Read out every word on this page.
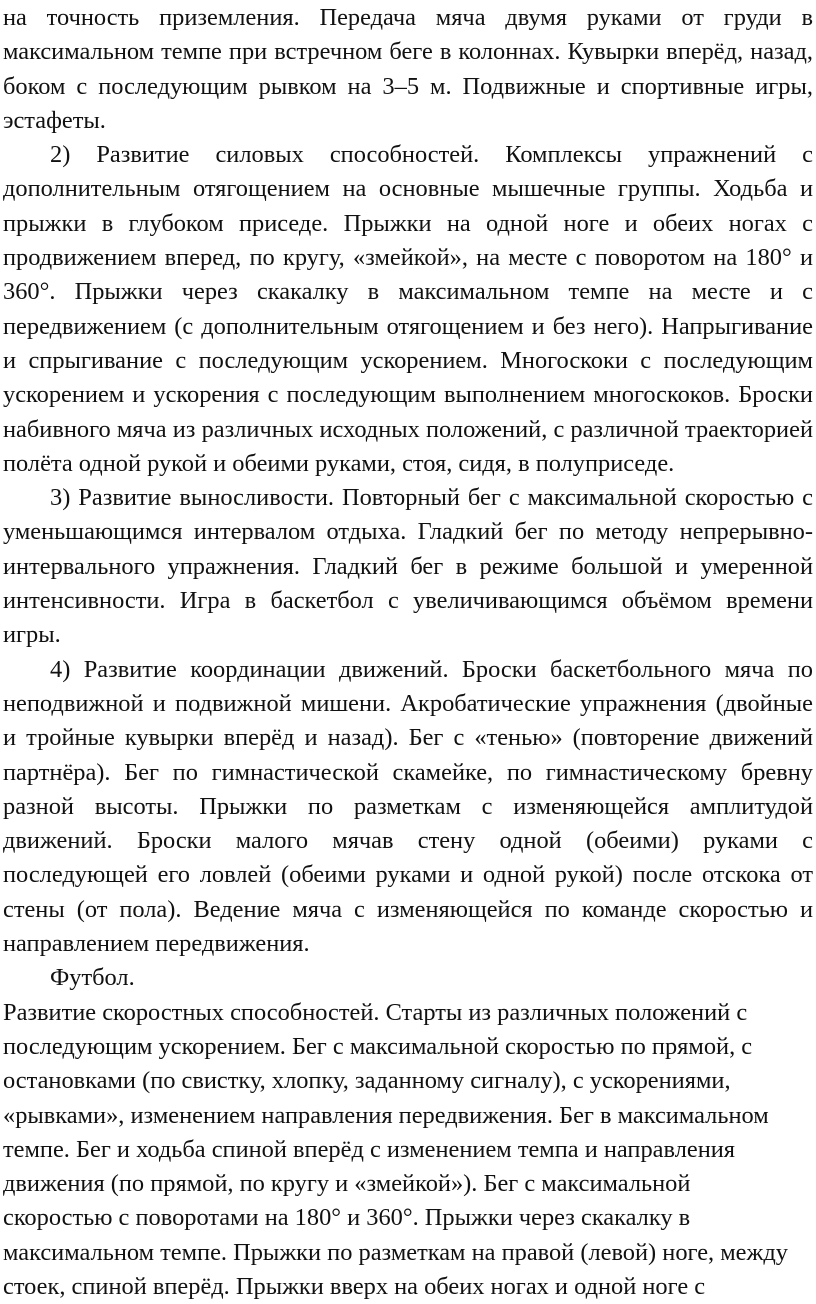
на точность приземления. Передача мяча двумя руками от груди в максимальном темпе при встречном беге в колоннах. Кувырки вперёд, назад, боком с последующим рывком на 3–5 м. Подвижные и спортивные игры, эстафеты.

2) Развитие силовых способностей. Комплексы упражнений с дополнительным отягощением на основные мышечные группы. Ходьба и прыжки в глубоком приседе. Прыжки на одной ноге и обеих ногах с продвижением вперед, по кругу, «змейкой», на месте с поворотом на 180° и 360°. Прыжки через скакалку в максимальном темпе на месте и с передвижением (с дополнительным отягощением и без него). Напрыгивание и спрыгивание с последующим ускорением. Многоскоки с последующим ускорением и ускорения с последующим выполнением многоскоков. Броски набивного мяча из различных исходных положений, с различной траекторией полёта одной рукой и обеими руками, стоя, сидя, в полуприседе.

3) Развитие выносливости. Повторный бег с максимальной скоростью с уменьшающимся интервалом отдыха. Гладкий бег по методу непрерывно-интервального упражнения. Гладкий бег в режиме большой и умеренной интенсивности. Игра в баскетбол с увеличивающимся объёмом времени игры.

4) Развитие координации движений. Броски баскетбольного мяча по неподвижной и подвижной мишени. Акробатические упражнения (двойные и тройные кувырки вперёд и назад). Бег с «тенью» (повторение движений партнёра). Бег по гимнастической скамейке, по гимнастическому бревну разной высоты. Прыжки по разметкам с изменяющейся амплитудой движений. Броски малого мячав стену одной (обеими) руками с последующей его ловлей (обеими руками и одной рукой) после отскока от стены (от пола). Ведение мяча с изменяющейся по команде скоростью и направлением передвижения.

Футбол.

Развитие скоростных способностей. Старты из различных положений с последующим ускорением. Бег с максимальной скоростью по прямой, с остановками (по свистку, хлопку, заданному сигналу), с ускорениями, «рывками», изменением направления передвижения. Бег в максимальном темпе. Бег и ходьба спиной вперёд с изменением темпа и направления движения (по прямой, по кругу и «змейкой»). Бег с максимальной скоростью с поворотами на 180° и 360°. Прыжки через скакалку в максимальном темпе. Прыжки по разметкам на правой (левой) ноге, между стоек, спиной вперёд. Прыжки вверх на обеих ногах и одной ноге с
